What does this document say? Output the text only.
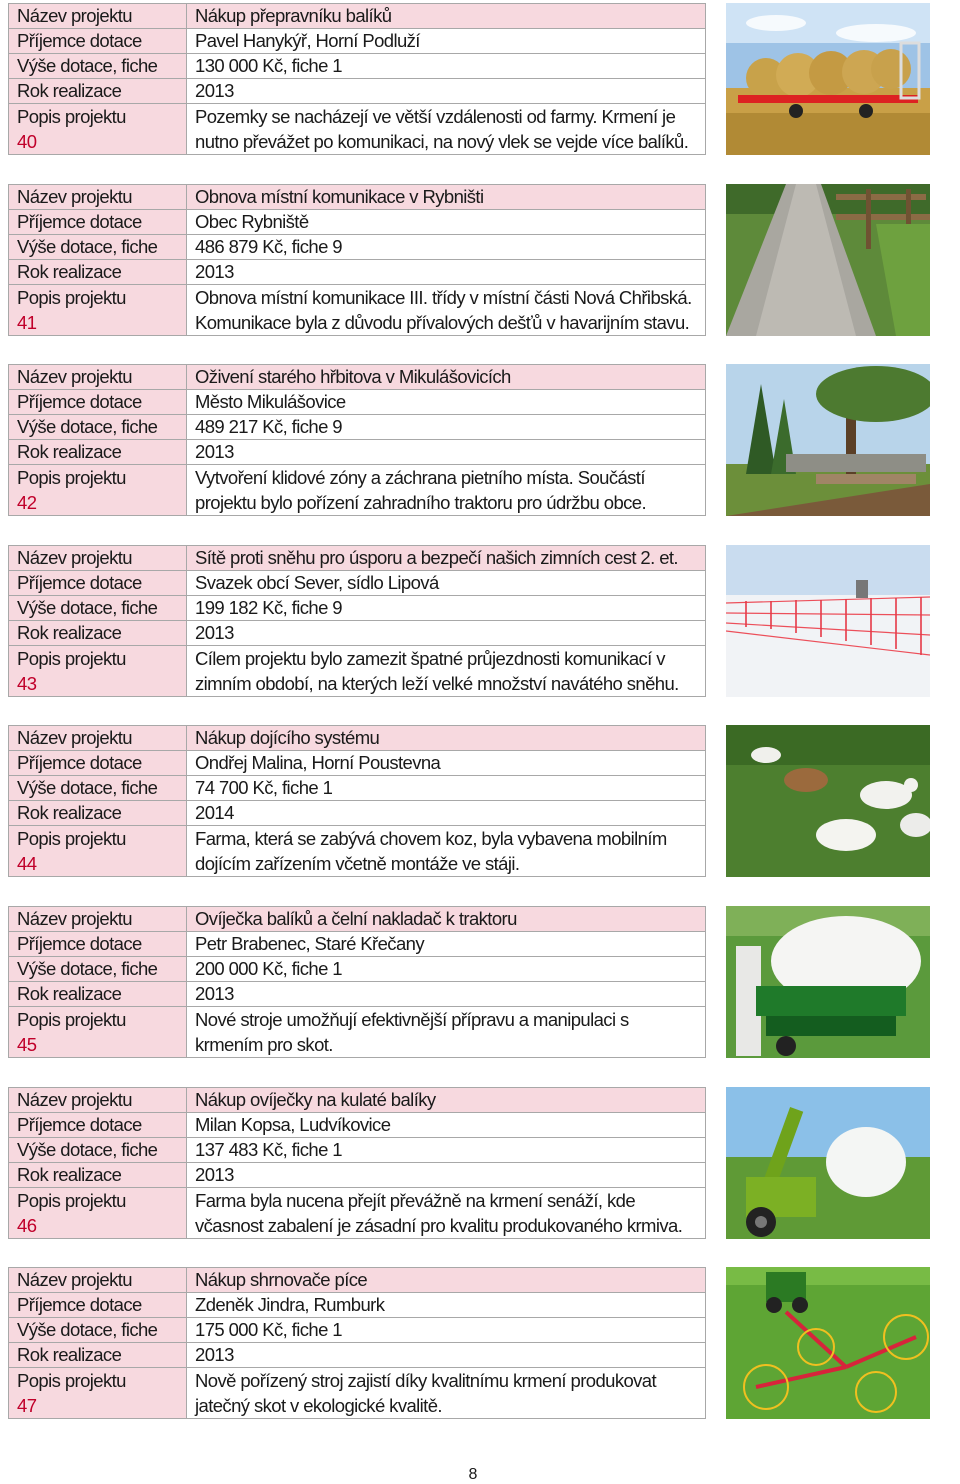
Název projektu	Nákup přepravníku balíků
Příjemce dotace	Pavel Hanykýř, Horní Podluží
Výše dotace, fiche	130 000 Kč, fiche 1
Rok realizace	2013
Popis projektu
40	Pozemky se nacházejí ve větší vzdálenosti od farmy. Krmení je nutno převážet po komunikaci, na nový vlek se vejde více balíků.
Název projektu	Obnova místní komunikace v Rybništi
Příjemce dotace	Obec Rybniště
Výše dotace, fiche	486 879 Kč, fiche 9
Rok realizace	2013
Popis projektu
41	Obnova místní komunikace III. třídy v místní části Nová Chřibská. Komunikace byla z důvodu přívalových dešťů v havarijním stavu.
Název projektu	Oživení starého hřbitova v Mikulášovicích
Příjemce dotace	Město Mikulášovice
Výše dotace, fiche	489 217 Kč, fiche 9
Rok realizace	2013
Popis projektu
42	Vytvoření klidové zóny a záchrana pietního místa. Součástí projektu bylo pořízení zahradního traktoru pro údržbu obce.
Název projektu	Sítě proti sněhu pro úsporu a bezpečí našich zimních cest 2. et.
Příjemce dotace	Svazek obcí Sever, sídlo Lipová
Výše dotace, fiche	199 182 Kč, fiche 9
Rok realizace	2013
Popis projektu
43	Cílem projektu bylo zamezit špatné průjezdnosti komunikací v zimním období, na kterých leží velké množství navátého sněhu.
Název projektu	Nákup dojícího systému
Příjemce dotace	Ondřej Malina, Horní Poustevna
Výše dotace, fiche	74 700 Kč, fiche 1
Rok realizace	2014
Popis projektu
44	Farma, která se zabývá chovem koz, byla vybavena mobilním dojícím zařízením včetně montáže ve stáji.
Název projektu	Ovíječka balíků a čelní nakladač k traktoru
Příjemce dotace	Petr Brabenec, Staré Křečany
Výše dotace, fiche	200 000 Kč, fiche 1
Rok realizace	2013
Popis projektu
45	Nové stroje umožňují efektivnější přípravu a manipulaci s krmením pro skot.
Název projektu	Nákup ovíječky na kulaté balíky
Příjemce dotace	Milan Kopsa, Ludvíkovice
Výše dotace, fiche	137 483 Kč, fiche 1
Rok realizace	2013
Popis projektu
46	Farma byla nucena přejít převážně na krmení senáží, kde včasnost zabalení je zásadní pro kvalitu produkovaného krmiva.
Název projektu	Nákup shrnovače píce
Příjemce dotace	Zdeněk Jindra, Rumburk
Výše dotace, fiche	175 000 Kč, fiche 1
Rok realizace	2013
Popis projektu
47	Nově pořízený stroj zajistí díky kvalitnímu krmení produkovat jatečný skot v ekologické kvalitě.
8
